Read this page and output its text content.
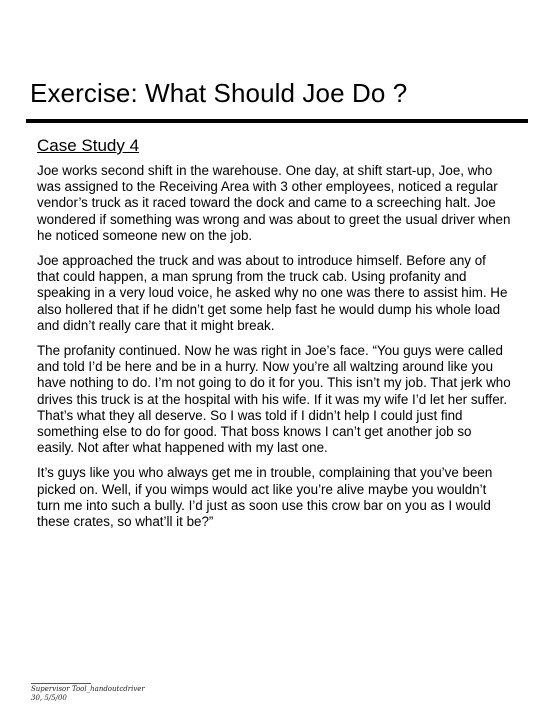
Exercise: What Should Joe Do ?
Case Study 4

Joe works second shift in the warehouse. One day, at shift start-up, Joe, who was assigned to the Receiving Area with 3 other employees, noticed a regular vendor’s truck as it raced toward the dock and came to a screeching halt. Joe wondered if something was wrong and was about to greet the usual driver when he noticed someone new on the job.

Joe approached the truck and was about to introduce himself. Before any of that could happen, a man sprung from the truck cab. Using profanity and speaking in a very loud voice, he asked why no one was there to assist him. He also hollered that if he didn’t get some help fast he would dump his whole load and didn’t really care that it might break.

The profanity continued. Now he was right in Joe’s face. “You guys were called and told I’d be here and be in a hurry. Now you’re all waltzing around like you have nothing to do. I’m not going to do it for you. This isn’t my job. That jerk who drives this truck is at the hospital with his wife. If it was my wife I’d let her suffer. That’s what they all deserve. So I was told if I didn’t help I could just find something else to do for good. That boss knows I can’t get another job so easily. Not after what happened with my last one.

It’s guys like you who always get me in trouble, complaining that you’ve been picked on. Well, if you wimps would act like you’re alive maybe you wouldn’t turn me into such a bully. I’d just as soon use this crow bar on you as I would these crates, so what’ll it be?”

Supervisor Tool_handoutcdriver
30, 5/5/00
